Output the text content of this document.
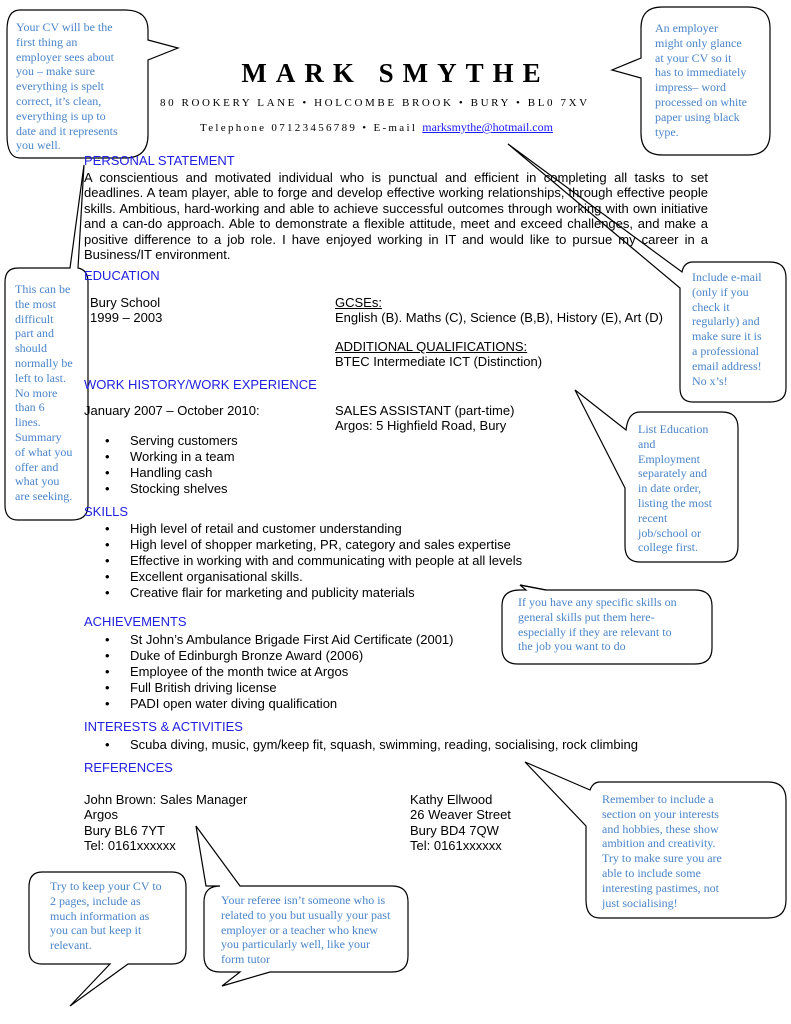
MARK SMYTHE
80 ROOKERY LANE • HOLCOMBE BROOK • BURY • BL0 7XV
Telephone 07123456789 • E-mail marksmythe@hotmail.com
PERSONAL STATEMENT
A conscientious and motivated individual who is punctual and efficient in completing all tasks to set deadlines. A team player, able to forge and develop effective working relationships, through effective people skills. Ambitious, hard-working and able to achieve successful outcomes through working with own initiative and a can-do approach. Able to demonstrate a flexible attitude, meet and exceed challenges, and make a positive difference to a job role. I have enjoyed working in IT and would like to pursue my career in a Business/IT environment.
EDUCATION
Bury School
1999 – 2003
GCSEs:
English (B). Maths (C), Science (B,B), History (E), Art (D)
ADDITIONAL QUALIFICATIONS:
BTEC Intermediate ICT (Distinction)
WORK HISTORY/WORK EXPERIENCE
January 2007 – October 2010:	SALES ASSISTANT (part-time)
Argos: 5 Highfield Road, Bury
• Serving customers
• Working in a team
• Handling cash
• Stocking shelves
SKILLS
• High level of retail and customer understanding
• High level of shopper marketing, PR, category and sales expertise
• Effective in working with and communicating with people at all levels
• Excellent organisational skills.
• Creative flair for marketing and publicity materials
ACHIEVEMENTS
• St John’s Ambulance Brigade First Aid Certificate (2001)
• Duke of Edinburgh Bronze Award (2006)
• Employee of the month twice at Argos
• Full British driving license
• PADI open water diving qualification
INTERESTS & ACTIVITIES
• Scuba diving, music, gym/keep fit, squash, swimming, reading, socialising, rock climbing
REFERENCES
John Brown: Sales Manager
Argos
Bury BL6 7YT
Tel: 0161xxxxxx
Kathy Ellwood
26 Weaver Street
Bury BD4 7QW
Tel: 0161xxxxxx
Your CV will be the
first thing an
employer sees about
you – make sure
everything is spelt
correct, it’s clean,
everything is up to
date and it represents
you well.
An employer
might only glance
at your CV so it
has to immediately
impress– word
processed on white
paper using black
type.
This can be
the most
difficult
part and
should
normally be
left to last.
No more
than 6
lines.
Summary
of what you
offer and
what you
are seeking.
Include e-mail
(only if you
check it
regularly) and
make sure it is
a professional
email address!
No x’s!
List Education
and
Employment
separately and
in date order,
listing the most
recent
job/school or
college first.
If you have any specific skills on
general skills put them here-
especially if they are relevant to
the job you want to do
Remember to include a
section on your interests
and hobbies, these show
ambition and creativity.
Try to make sure you are
able to include some
interesting pastimes, not
just socialising!
Try to keep your CV to
2 pages, include as
much information as
you can but keep it
relevant.
Your referee isn’t someone who is
related to you but usually your past
employer or a teacher who knew
you particularly well, like your
form tutor
